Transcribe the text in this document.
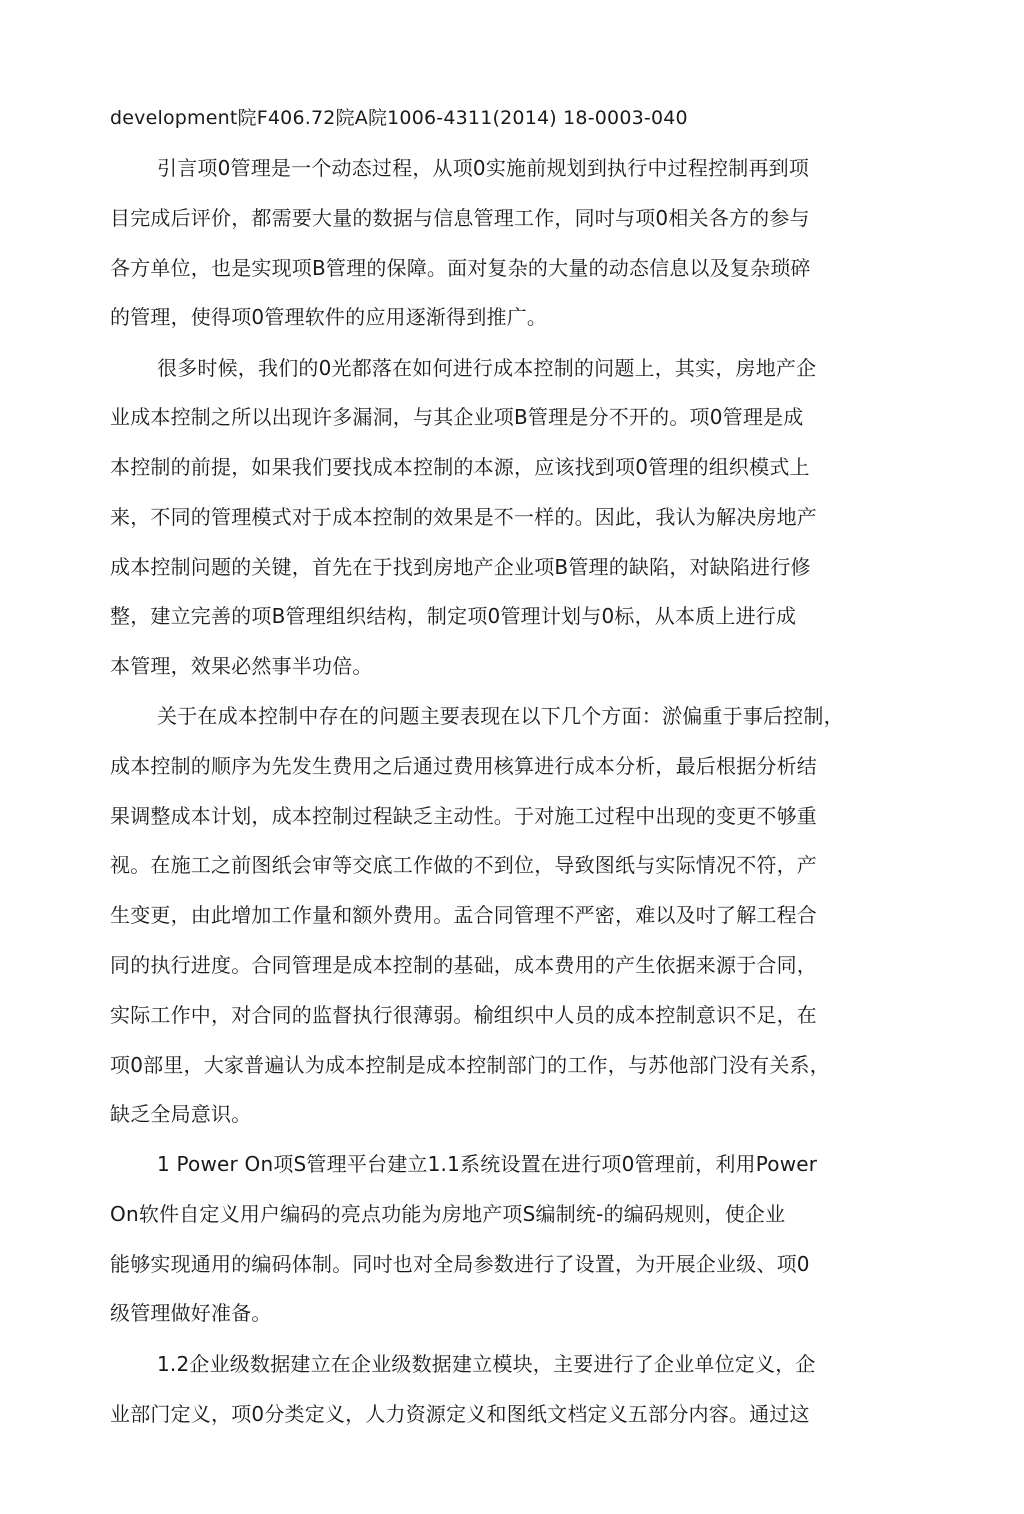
development院F406.72院A院1006-4311(2014) 18-0003-040
引言项0管理是一个动态过程，从项0实施前规划到执行中过程控制再到项
目完成后评价，都需要大量的数据与信息管理工作，同吋与项0相关各方的参与
各方单位，也是实现项B管理的保障。面对复杂的大量的动态信息以及复杂琐碎
的管理，使得项0管理软件的应用逐渐得到推广。
很多时候，我们的0光都落在如何进行成本控制的问题上，其实，房地产企
业成本控制之所以出现许多漏洞，与其企业项B管理是分不开的。项0管理是成
本控制的前提，如果我们要找成本控制的本源，应该找到项0管理的组织模式上
来，不同的管理模式对于成本控制的效果是不一样的。因此，我认为解决房地产
成本控制问题的关键，首先在于找到房地产企业项B管理的缺陷，对缺陷进行修
整，建立完善的项B管理组织结构，制定项0管理计划与0标，从本质上进行成
本管理，效果必然事半功倍。
关于在成本控制中存在的问题主要表现在以下几个方面：淤偏重于事后控制，
成本控制的顺序为先发生费用之后通过费用核算进行成本分析，最后根据分析结
果调整成本计划，成本控制过程缺乏主动性。于对施工过程中出现的变更不够重
视。在施工之前图纸会审等交底工作做的不到位，导致图纸与实际情况不符，产
生变更，由此增加工作量和额外费用。盂合同管理不严密，难以及吋了解工程合
同的执行进度。合同管理是成本控制的基础，成本费用的产生依据来源于合同，
实际工作中，对合同的监督执行很薄弱。榆组织中人员的成本控制意识不足，在
项0部里，大家普遍认为成本控制是成本控制部门的工作，与苏他部门没有关系，
缺乏全局意识。
1 Power On项S管理平台建立1.1系统设置在进行项0管理前，利用Power
On软件自定义用户编码的亮点功能为房地产项S编制统-的编码规则，使企业
能够实现通用的编码体制。同吋也对全局参数进行了设置，为开展企业级、项0
级管理做好准备。
1.2企业级数据建立在企业级数据建立模块，主要进行了企业单位定义，企
业部门定义，项0分类定义，人力资源定义和图纸文档定义五部分内容。通过这
